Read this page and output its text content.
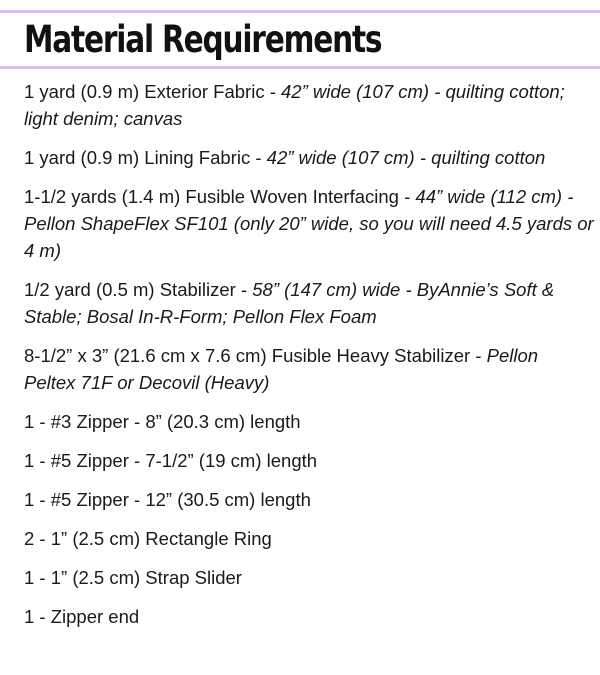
Material Requirements
1 yard (0.9 m) Exterior Fabric - 42” wide (107 cm) - quilting cotton; light denim; canvas
1 yard (0.9 m) Lining Fabric - 42” wide (107 cm) - quilting cotton
1-1/2 yards (1.4 m) Fusible Woven Interfacing - 44” wide (112 cm) - Pellon ShapeFlex SF101 (only 20” wide, so you will need 4.5 yards or 4 m)
1/2 yard (0.5 m) Stabilizer - 58” (147 cm) wide - ByAnnie’s Soft & Stable; Bosal In-R-Form; Pellon Flex Foam
8-1/2” x 3” (21.6 cm x 7.6 cm) Fusible Heavy Stabilizer - Pellon Peltex 71F or Decovil (Heavy)
1 - #3 Zipper - 8” (20.3 cm) length
1 - #5 Zipper - 7-1/2” (19 cm) length
1 - #5 Zipper - 12” (30.5 cm) length
2 - 1” (2.5 cm) Rectangle Ring
1 - 1” (2.5 cm) Strap Slider
1 - Zipper end
